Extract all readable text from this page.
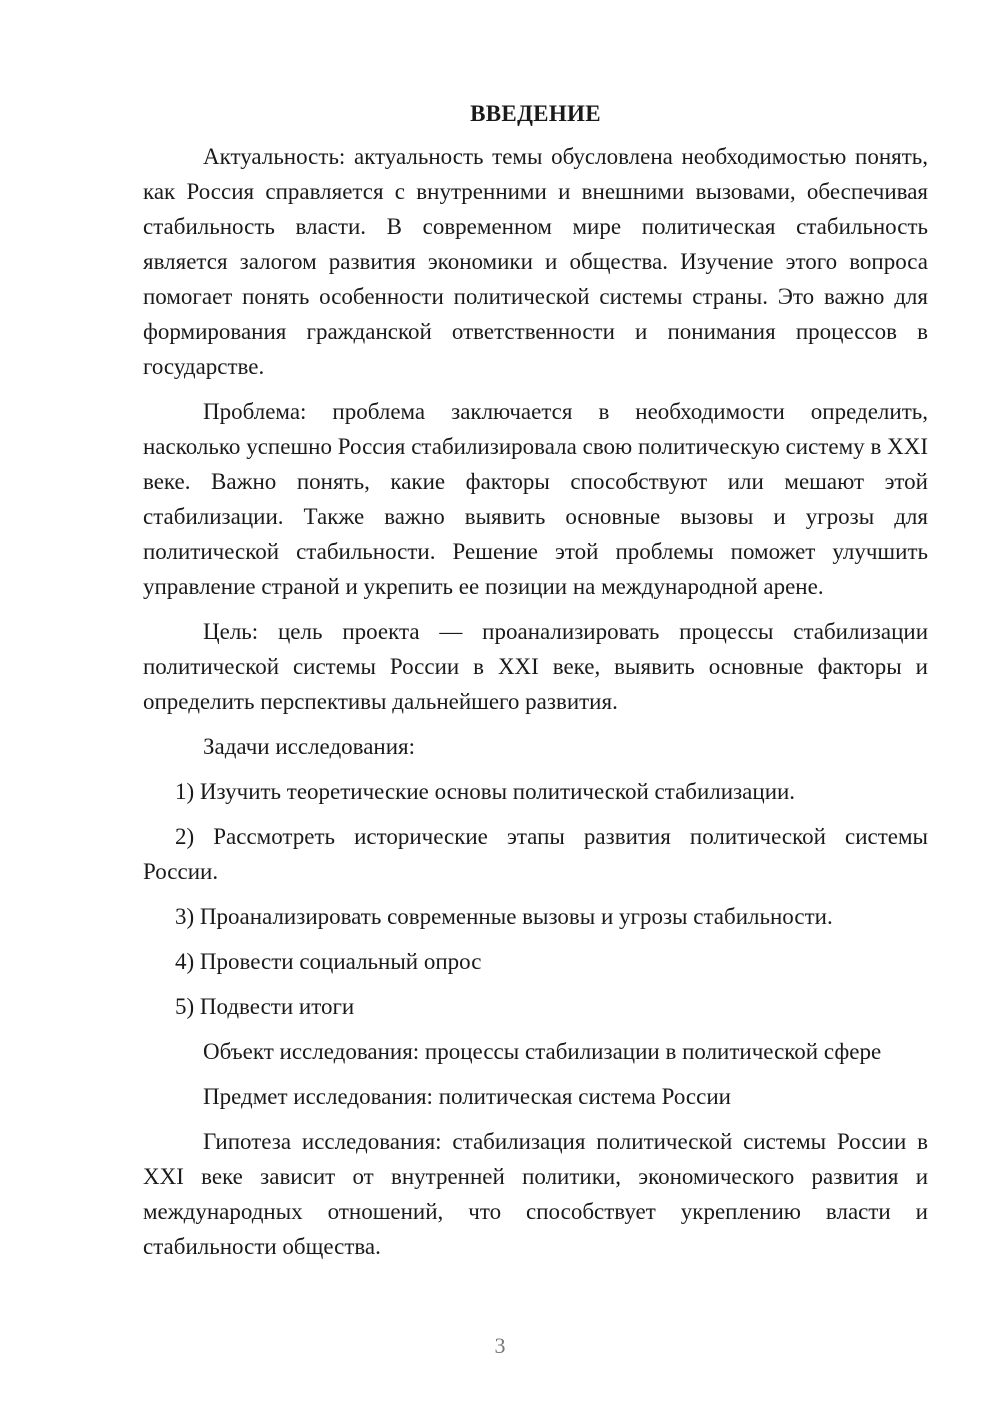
ВВЕДЕНИЕ

Актуальность: актуальность темы обусловлена необходимостью понять, как Россия справляется с внутренними и внешними вызовами, обеспечивая стабильность власти. В современном мире политическая стабильность является залогом развития экономики и общества. Изучение этого вопроса помогает понять особенности политической системы страны. Это важно для формирования гражданской ответственности и понимания процессов в государстве.

Проблема: проблема заключается в необходимости определить, насколько успешно Россия стабилизировала свою политическую систему в XXI веке. Важно понять, какие факторы способствуют или мешают этой стабилизации. Также важно выявить основные вызовы и угрозы для политической стабильности. Решение этой проблемы поможет улучшить управление страной и укрепить ее позиции на международной арене.

Цель: цель проекта — проанализировать процессы стабилизации политической системы России в XXI веке, выявить основные факторы и определить перспективы дальнейшего развития.

Задачи исследования:

1) Изучить теоретические основы политической стабилизации.

2) Рассмотреть исторические этапы развития политической системы России.

3) Проанализировать современные вызовы и угрозы стабильности.

4) Провести социальный опрос

5) Подвести итоги

Объект исследования: процессы стабилизации в политической сфере

Предмет исследования: политическая система России

Гипотеза исследования: стабилизация политической системы России в XXI веке зависит от внутренней политики, экономического развития и международных отношений, что способствует укреплению власти и стабильности общества.

3
